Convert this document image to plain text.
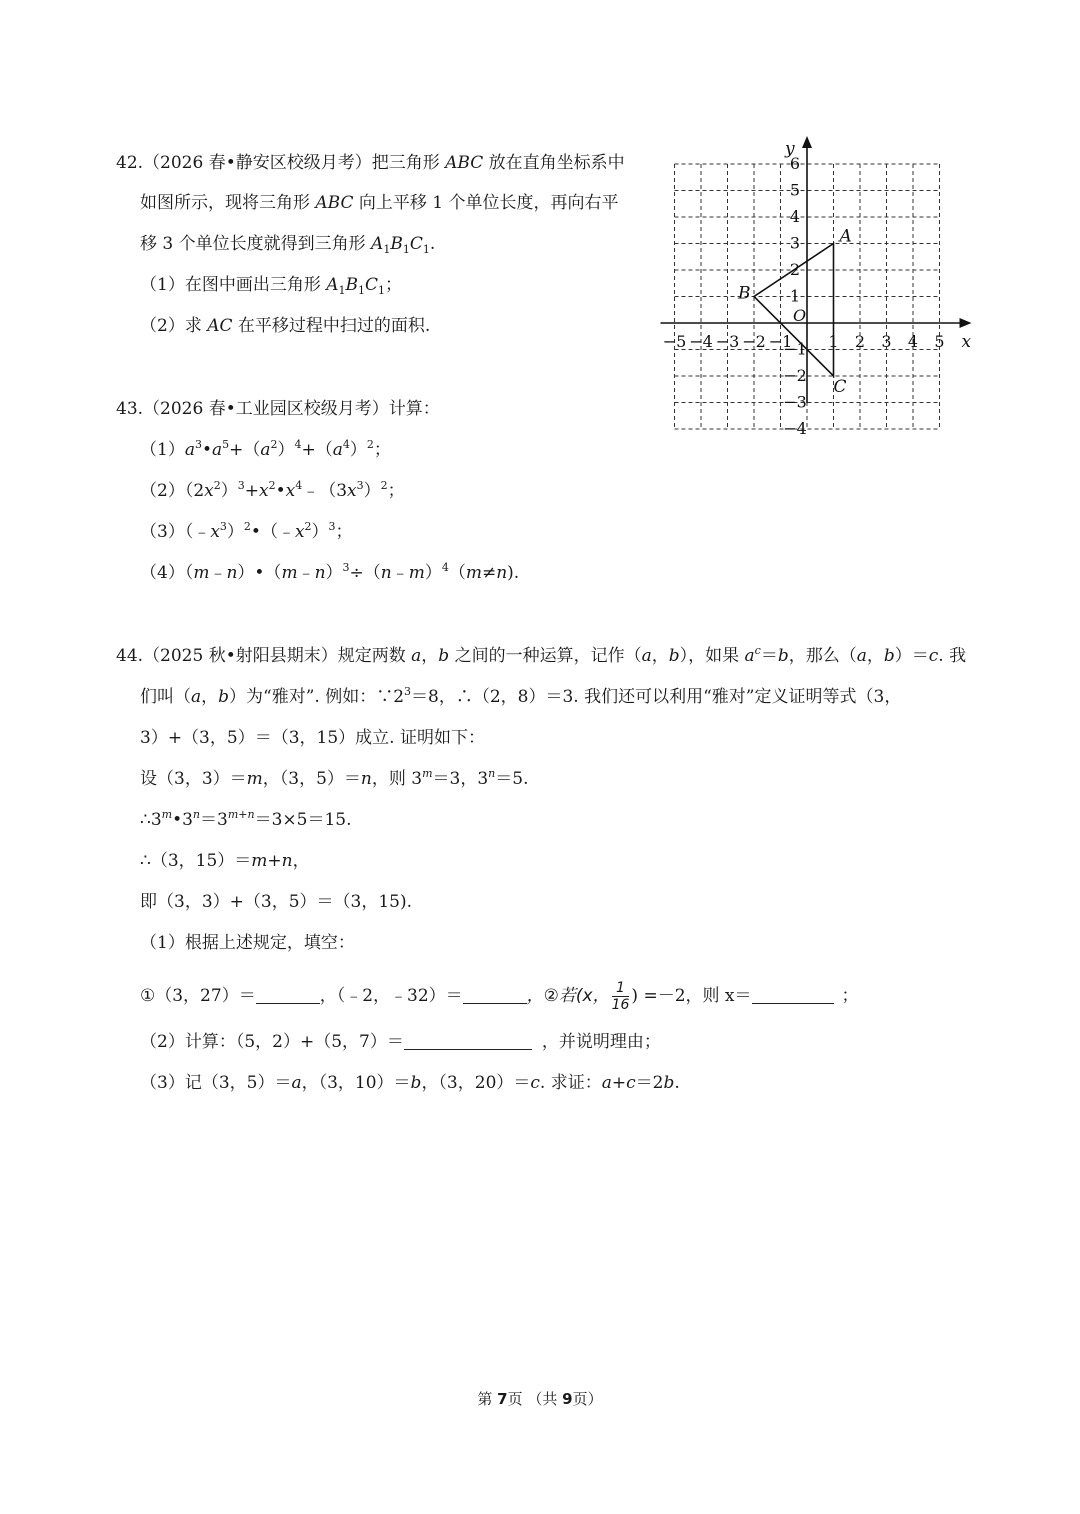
42.（2026 春•静安区校级月考）把三角形 ABC 放在直角坐标系中
如图所示，现将三角形 ABC 向上平移 1 个单位长度，再向右平
移 3 个单位长度就得到三角形 $A_1B_1C_1$.
（1）在图中画出三角形 $A_1B_1C_1$；
（2）求 AC 在平移过程中扫过的面积.
x
y
O
−5 −4 −3 −2 −1 1 2 3 4 5
6
5
4
3
2
1
−1
−2
−3
−4
A
B
C
43.（2026 春•工业园区校级月考）计算：
$(1)a^3•a^5+(a^2)^4+(a^4)^2$；
$(2)(2x^2)^3+x^2•x^4﹣(3x^3)^2$；
$(3)(﹣x^3)^2•(﹣x^2)^3$；
（4）（m﹣n）•（m﹣n）$^3$÷（n﹣m）$^4$（m≠n).
44.（2025 秋•射阳县期末）规定两数 a，b 之间的一种运算，记作（a，b），如果 $a^c=b$，那么（a，b）＝c. 我
们叫（a，b）为“雅对”. 例如：$\because 2^3=8$，∴（2，8）＝3. 我们还可以利用“雅对”定义证明等式（3，
3）+（3，5）＝（3，15）成立. 证明如下：
设（3，3）＝m，（3，5）＝n，则 $3^m=3$，$3^n=5$.
$\therefore 3^m•3^n=3^{m+n}=3\times 5=15$.
∴（3，15）＝m+n，
即（3，3）+（3，5）＝（3，15).
（1）根据上述规定，填空：
①（3，27）＝	，（﹣2，﹣32）＝	，②若(x， $\frac{1}{16}$ ) =－2，则 x＝	；
（2）计算：（5，2）+（5，7）＝	，并说明理由；
（3）记（3，5）＝a，（3，10）＝b，（3，20）＝c. 求证：a+c＝2b.
第 7页 （共 9页）
